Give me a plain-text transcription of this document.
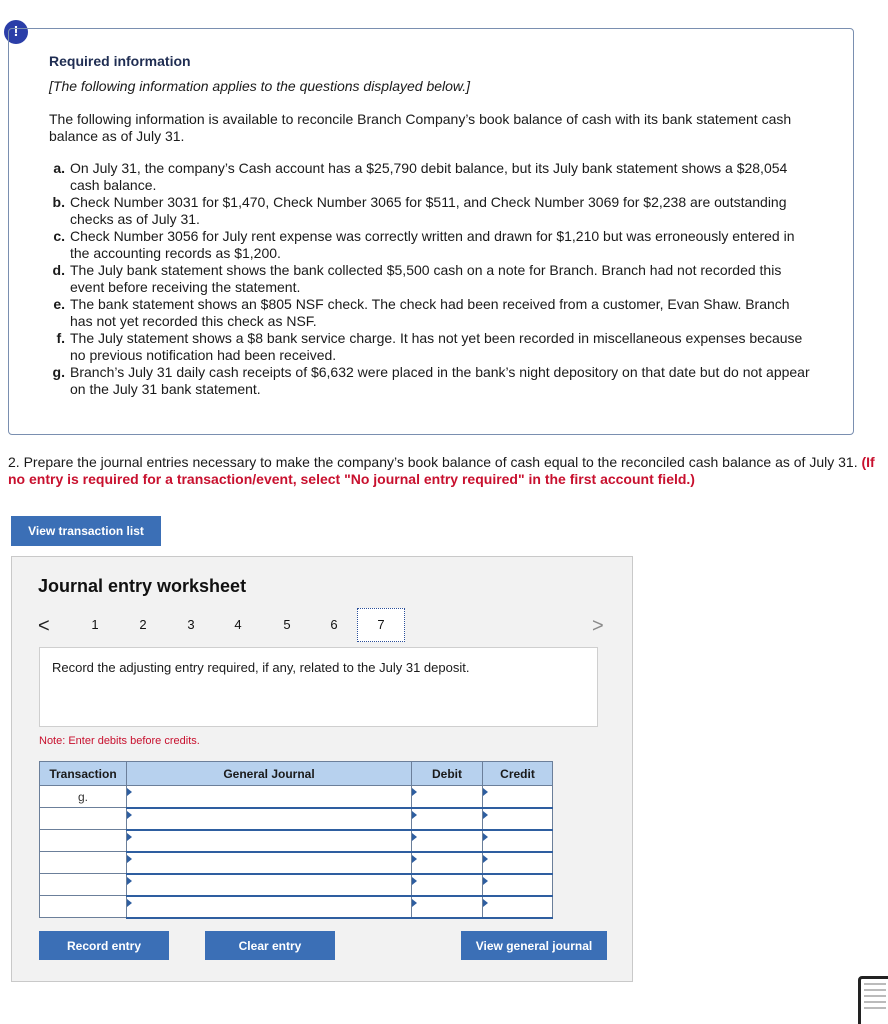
!
Required information
[The following information applies to the questions displayed below.]
The following information is available to reconcile Branch Company’s book balance of cash with its bank statement cash balance as of July 31.
a. On July 31, the company’s Cash account has a $25,790 debit balance, but its July bank statement shows a $28,054 cash balance.
b. Check Number 3031 for $1,470, Check Number 3065 for $511, and Check Number 3069 for $2,238 are outstanding checks as of July 31.
c. Check Number 3056 for July rent expense was correctly written and drawn for $1,210 but was erroneously entered in the accounting records as $1,200.
d. The July bank statement shows the bank collected $5,500 cash on a note for Branch. Branch had not recorded this event before receiving the statement.
e. The bank statement shows an $805 NSF check. The check had been received from a customer, Evan Shaw. Branch has not yet recorded this check as NSF.
f. The July statement shows a $8 bank service charge. It has not yet been recorded in miscellaneous expenses because no previous notification had been received.
g. Branch’s July 31 daily cash receipts of $6,632 were placed in the bank’s night depository on that date but do not appear on the July 31 bank statement.
2. Prepare the journal entries necessary to make the company’s book balance of cash equal to the reconciled cash balance as of July 31. (If no entry is required for a transaction/event, select "No journal entry required" in the first account field.)
View transaction list
Journal entry worksheet
<	1	2	3	4	5	6	7	>
Record the adjusting entry required, if any, related to the July 31 deposit.
Note: Enter debits before credits.
Transaction	General Journal	Debit	Credit
g.			

Record entry	Clear entry	View general journal
